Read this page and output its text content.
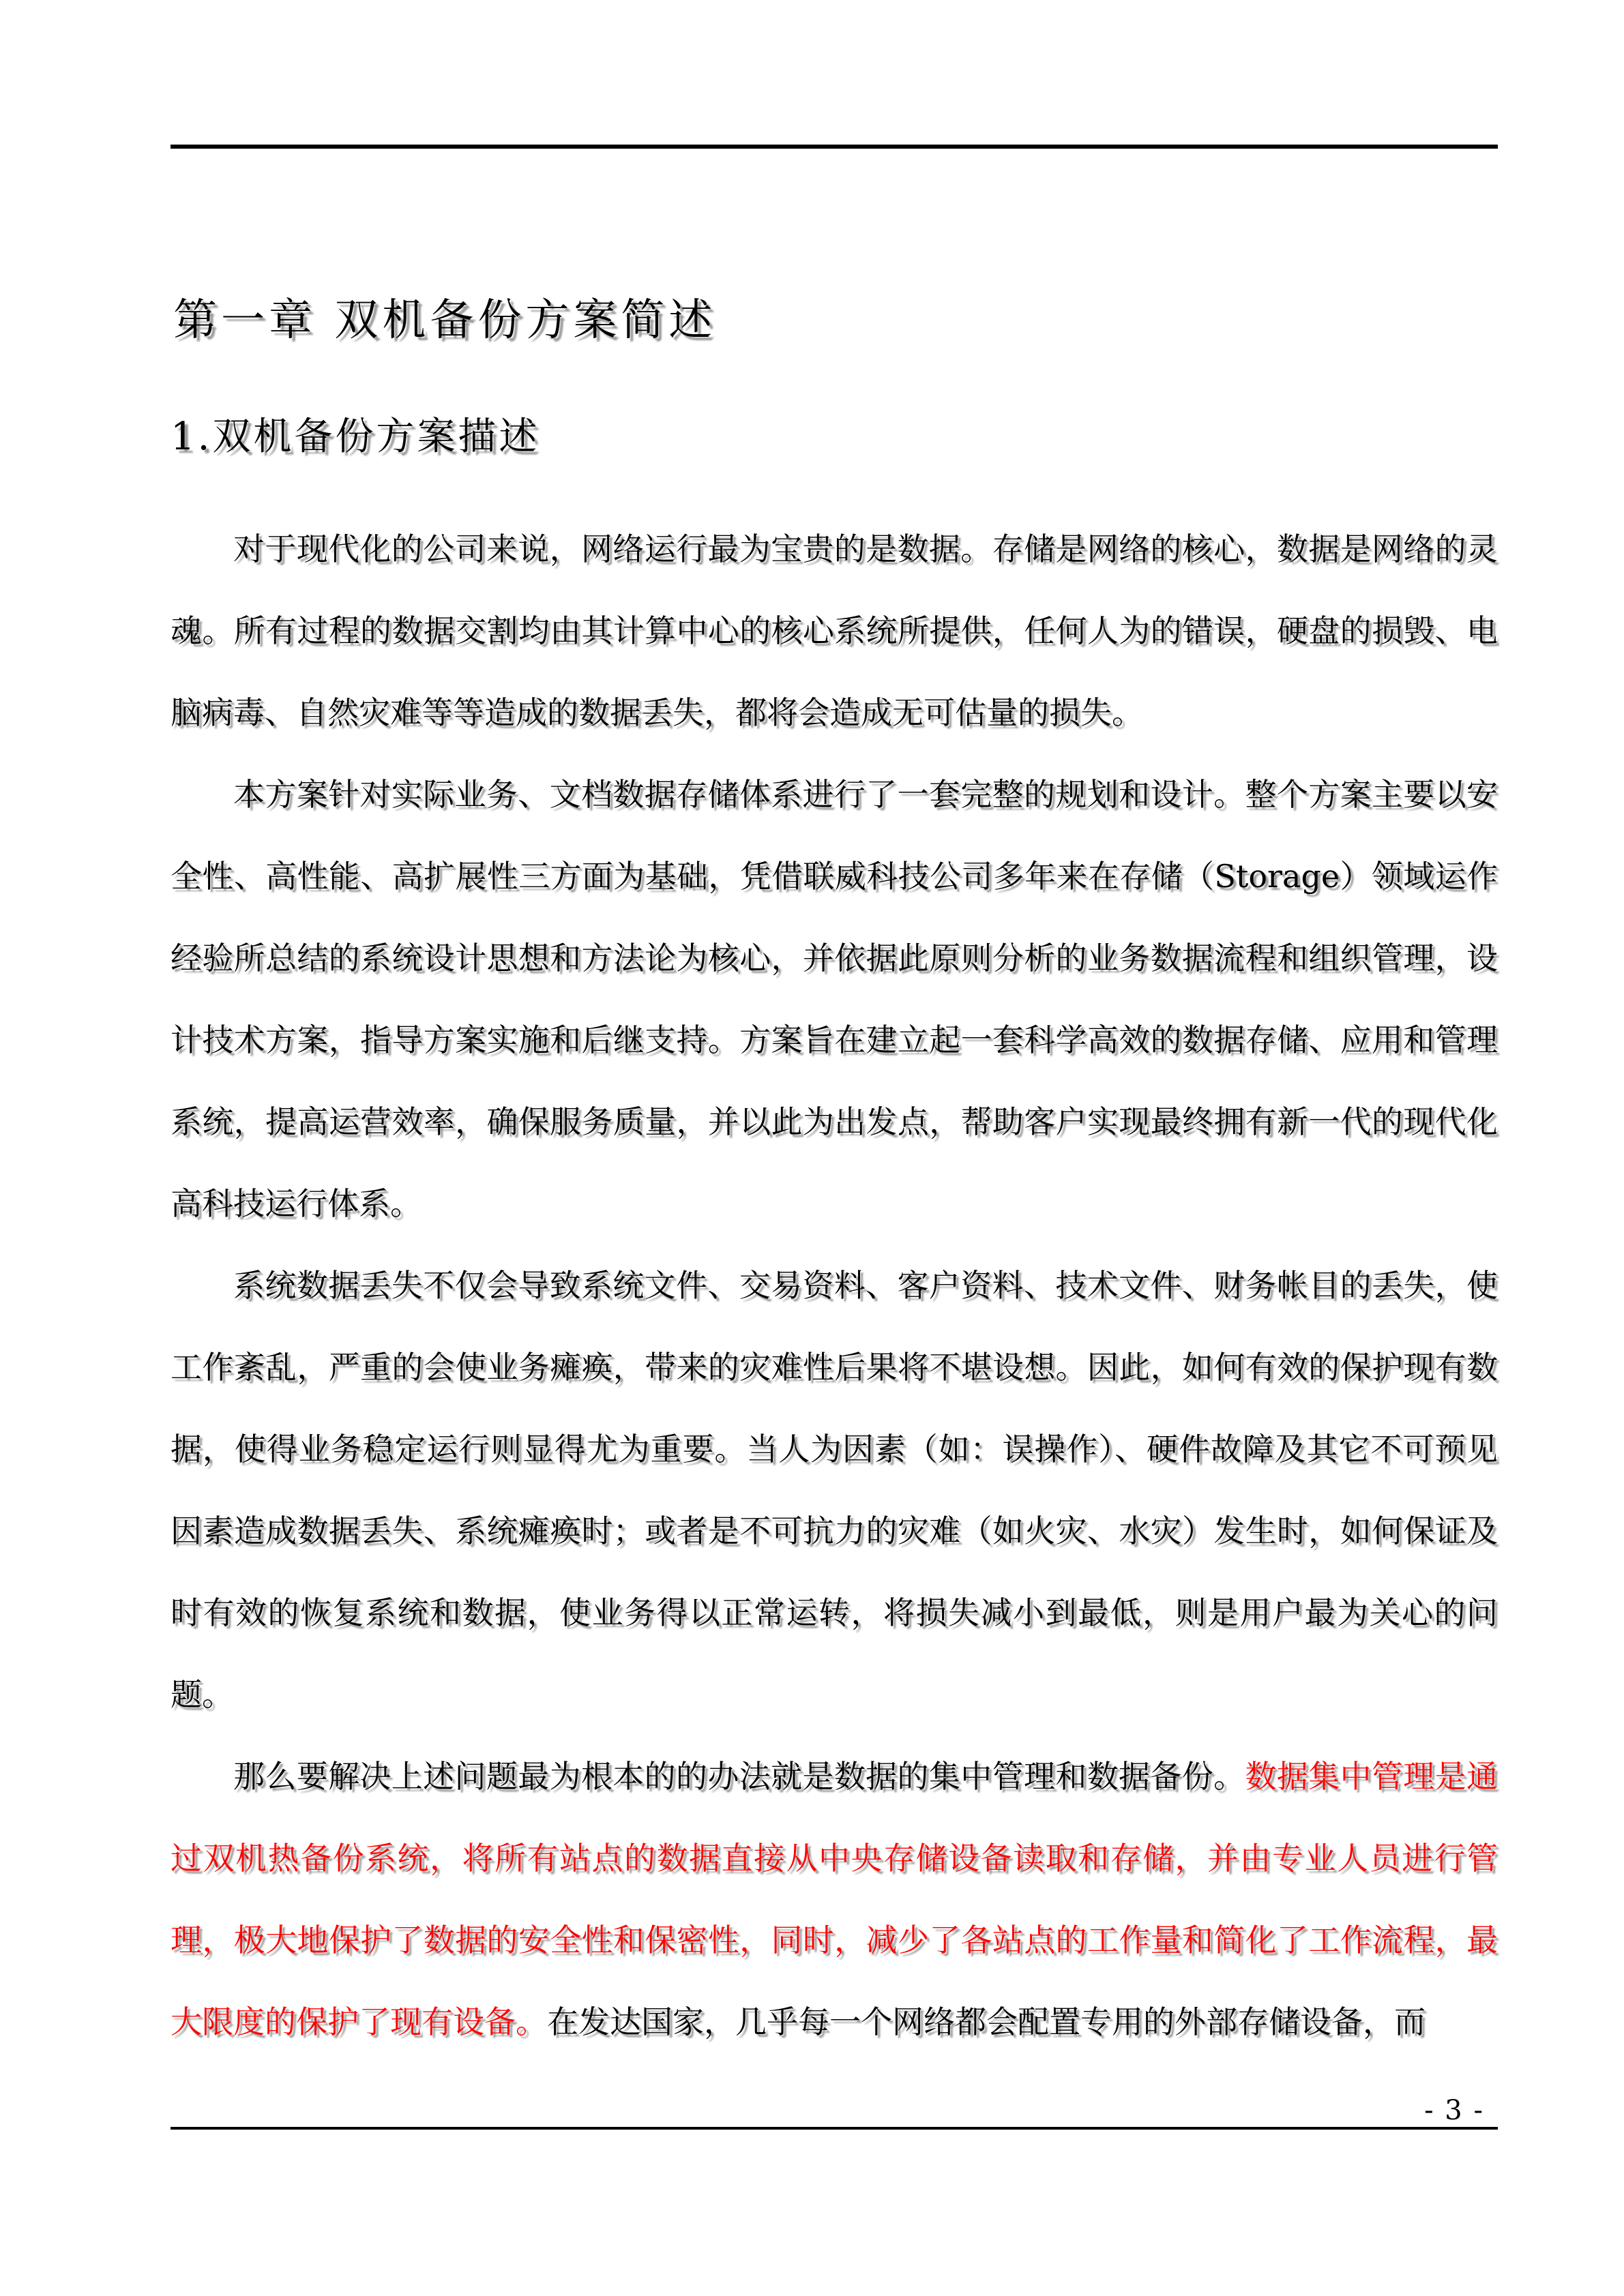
第一章 双机备份方案简述
1.双机备份方案描述

对于现代化的公司来说，网络运行最为宝贵的是数据。存储是网络的核心，数据是网络的灵魂。所有过程的数据交割均由其计算中心的核心系统所提供，任何人为的错误，硬盘的损毁、电脑病毒、自然灾难等等造成的数据丢失，都将会造成无可估量的损失。

本方案针对实际业务、文档数据存储体系进行了一套完整的规划和设计。整个方案主要以安全性、高性能、高扩展性三方面为基础，凭借联威科技公司多年来在存储（Storage）领域运作经验所总结的系统设计思想和方法论为核心，并依据此原则分析的业务数据流程和组织管理，设计技术方案，指导方案实施和后继支持。方案旨在建立起一套科学高效的数据存储、应用和管理系统，提高运营效率，确保服务质量，并以此为出发点，帮助客户实现最终拥有新一代的现代化高科技运行体系。

系统数据丢失不仅会导致系统文件、交易资料、客户资料、技术文件、财务帐目的丢失，使工作紊乱，严重的会使业务瘫痪，带来的灾难性后果将不堪设想。因此，如何有效的保护现有数据，使得业务稳定运行则显得尤为重要。当人为因素（如：误操作）、硬件故障及其它不可预见因素造成数据丢失、系统瘫痪时；或者是不可抗力的灾难（如火灾、水灾）发生时，如何保证及时有效的恢复系统和数据，使业务得以正常运转，将损失减小到最低，则是用户最为关心的问题。

那么要解决上述问题最为根本的的办法就是数据的集中管理和数据备份。数据集中管理是通过双机热备份系统，将所有站点的数据直接从中央存储设备读取和存储，并由专业人员进行管理，极大地保护了数据的安全性和保密性，同时，减少了各站点的工作量和简化了工作流程，最大限度的保护了现有设备。在发达国家，几乎每一个网络都会配置专用的外部存储设备，而

- 3 -
